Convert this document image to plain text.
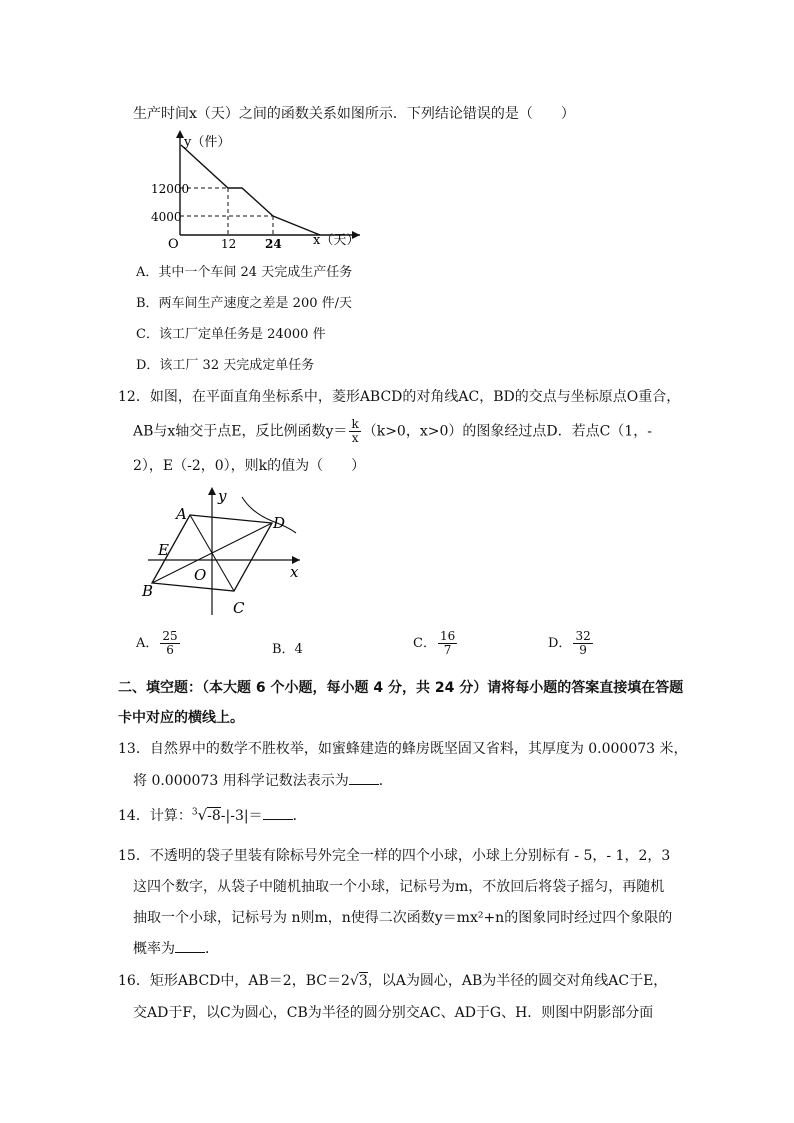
生产时间x（天）之间的函数关系如图所示．下列结论错误的是（　　）
y（件）
12000
4000
O	12 24 x（天）
A．其中一个车间 24 天完成生产任务
B．两车间生产速度之差是 200 件/天
C．该工厂定单任务是 24000 件
D．该工厂 32 天完成定单任务
12．如图，在平面直角坐标系中，菱形ABCD的对角线AC，BD的交点与坐标原点O重合，
AB与x轴交于点E，反比例函数$y= \frac{k}{x} (k>0$，x>0）的图象经过点D．若点C（1，-
2），E（-2，0），则k的值为（　　）
A	D
E
O
B
C
x
y
A． $\frac{25}{6}$	B．4	C． $\frac{16}{7}$	D． $\frac{32}{9}$
二、填空题：（本大题 6 个小题，每小题 4 分，共 24 分）请将每小题的答案直接填在答题
卡中对应的横线上。
13．自然界中的数学不胜枚举，如蜜蜂建造的蜂房既坚固又省料，其厚度为 0.000073 米，
将 0.000073 用科学记数法表示为 ．
14．计算：$^3$√-8-|-3|＝ ．
15．不透明的袋子里装有除标号外完全一样的四个小球，小球上分别标有 - 5，- 1，2，3
这四个数字，从袋子中随机抽取一个小球，记标号为m，不放回后将袋子摇匀，再随机
抽取一个小球，记标号为 n则m，n使得二次函数y＝mx²+n的图象同时经过四个象限的
概率为 ．
16．矩形ABCD中，AB＝2，BC＝2√3，以A为圆心，AB为半径的圆交对角线AC于E，
交AD于F，以C为圆心，CB为半径的圆分别交AC、AD于G、H．则图中阴影部分面
